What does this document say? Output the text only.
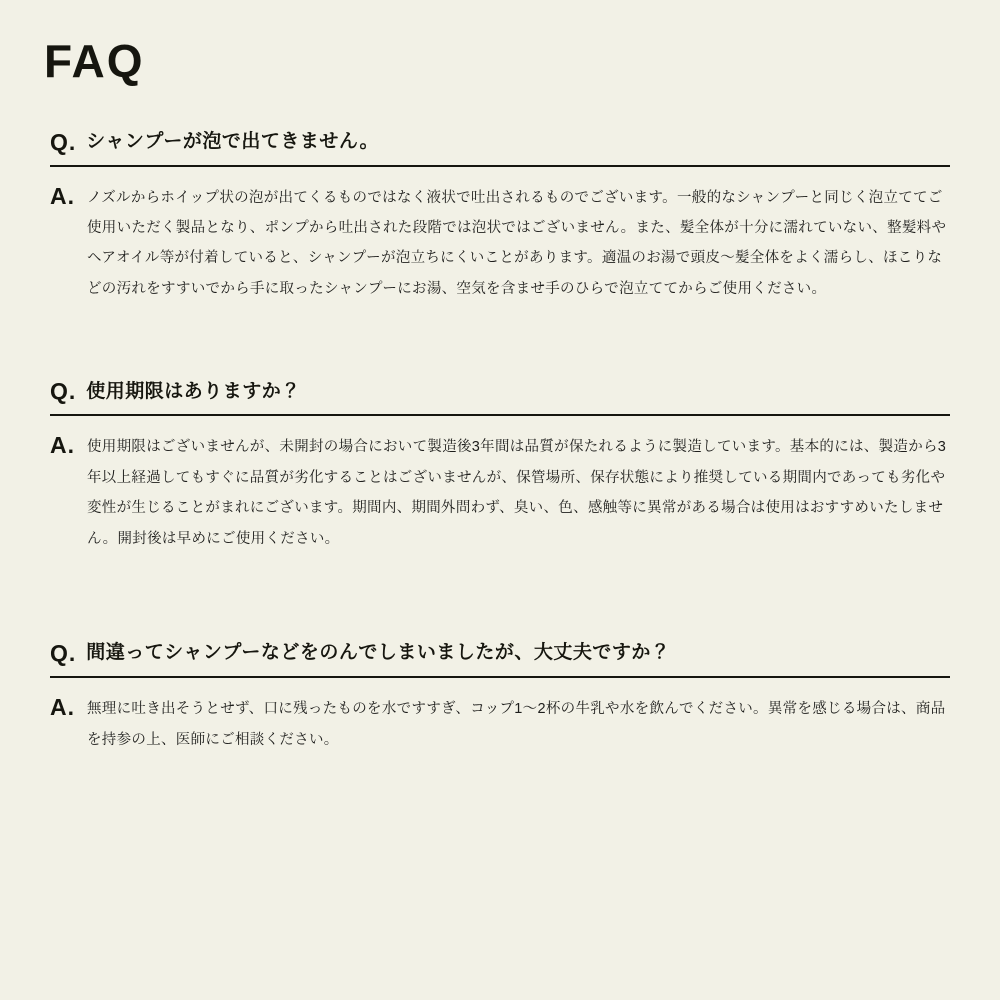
FAQ
Q. シャンプーが泡で出てきません。
A. ノズルからホイップ状の泡が出てくるものではなく液状で吐出されるものでございます。一般的なシャンプーと同じく泡立ててご使用いただく製品となり、ポンプから吐出された段階では泡状ではございません。また、髪全体が十分に濡れていない、整髪料やヘアオイル等が付着していると、シャンプーが泡立ちにくいことがあります。適温のお湯で頭皮〜髪全体をよく濡らし、ほこりなどの汚れをすすいでから手に取ったシャンプーにお湯、空気を含ませ手のひらで泡立ててからご使用ください。
Q. 使用期限はありますか？
A. 使用期限はございませんが、未開封の場合において製造後3年間は品質が保たれるように製造しています。基本的には、製造から3年以上経過してもすぐに品質が劣化することはございませんが、保管場所、保存状態により推奨している期間内であっても劣化や変性が生じることがまれにございます。期間内、期間外問わず、臭い、色、感触等に異常がある場合は使用はおすすめいたしません。開封後は早めにご使用ください。
Q. 間違ってシャンプーなどをのんでしまいましたが、大丈夫ですか？
A. 無理に吐き出そうとせず、口に残ったものを水ですすぎ、コップ1〜2杯の牛乳や水を飲んでください。異常を感じる場合は、商品を持参の上、医師にご相談ください。
